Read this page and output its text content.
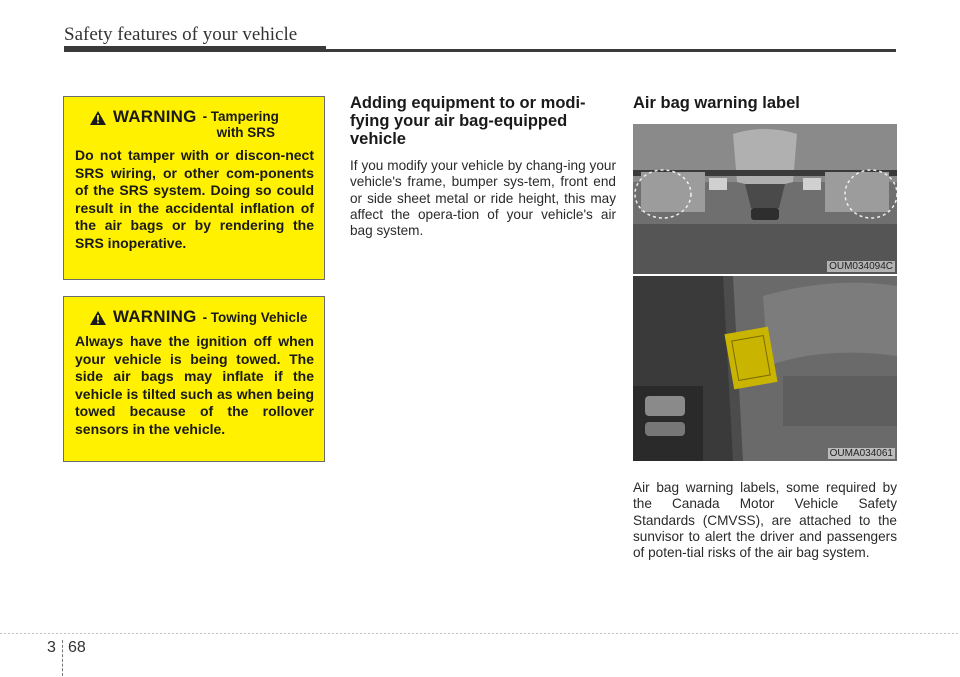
Safety features of your vehicle
WARNING - Tampering
with SRS
Do not tamper with or discon-nect SRS wiring, or other com-ponents of the SRS system. Doing so could result in the accidental inflation of the air bags or by rendering the SRS inoperative.
WARNING - Towing Vehicle
Always have the ignition off when your vehicle is being towed. The side air bags may inflate if the vehicle is tilted such as when being towed because of the rollover sensors in the vehicle.

Adding equipment to or modi-fying your air bag-equipped vehicle

If you modify your vehicle by chang-ing your vehicle's frame, bumper sys-tem, front end or side sheet metal or ride height, this may affect the opera-tion of your vehicle's air bag system.

Air bag warning label

OUM034094C
OUMA034061

Air bag warning labels, some required by the Canada Motor Vehicle Safety Standards (CMVSS), are attached to the sunvisor to alert the driver and passengers of poten-tial risks of the air bag system.

3 68
